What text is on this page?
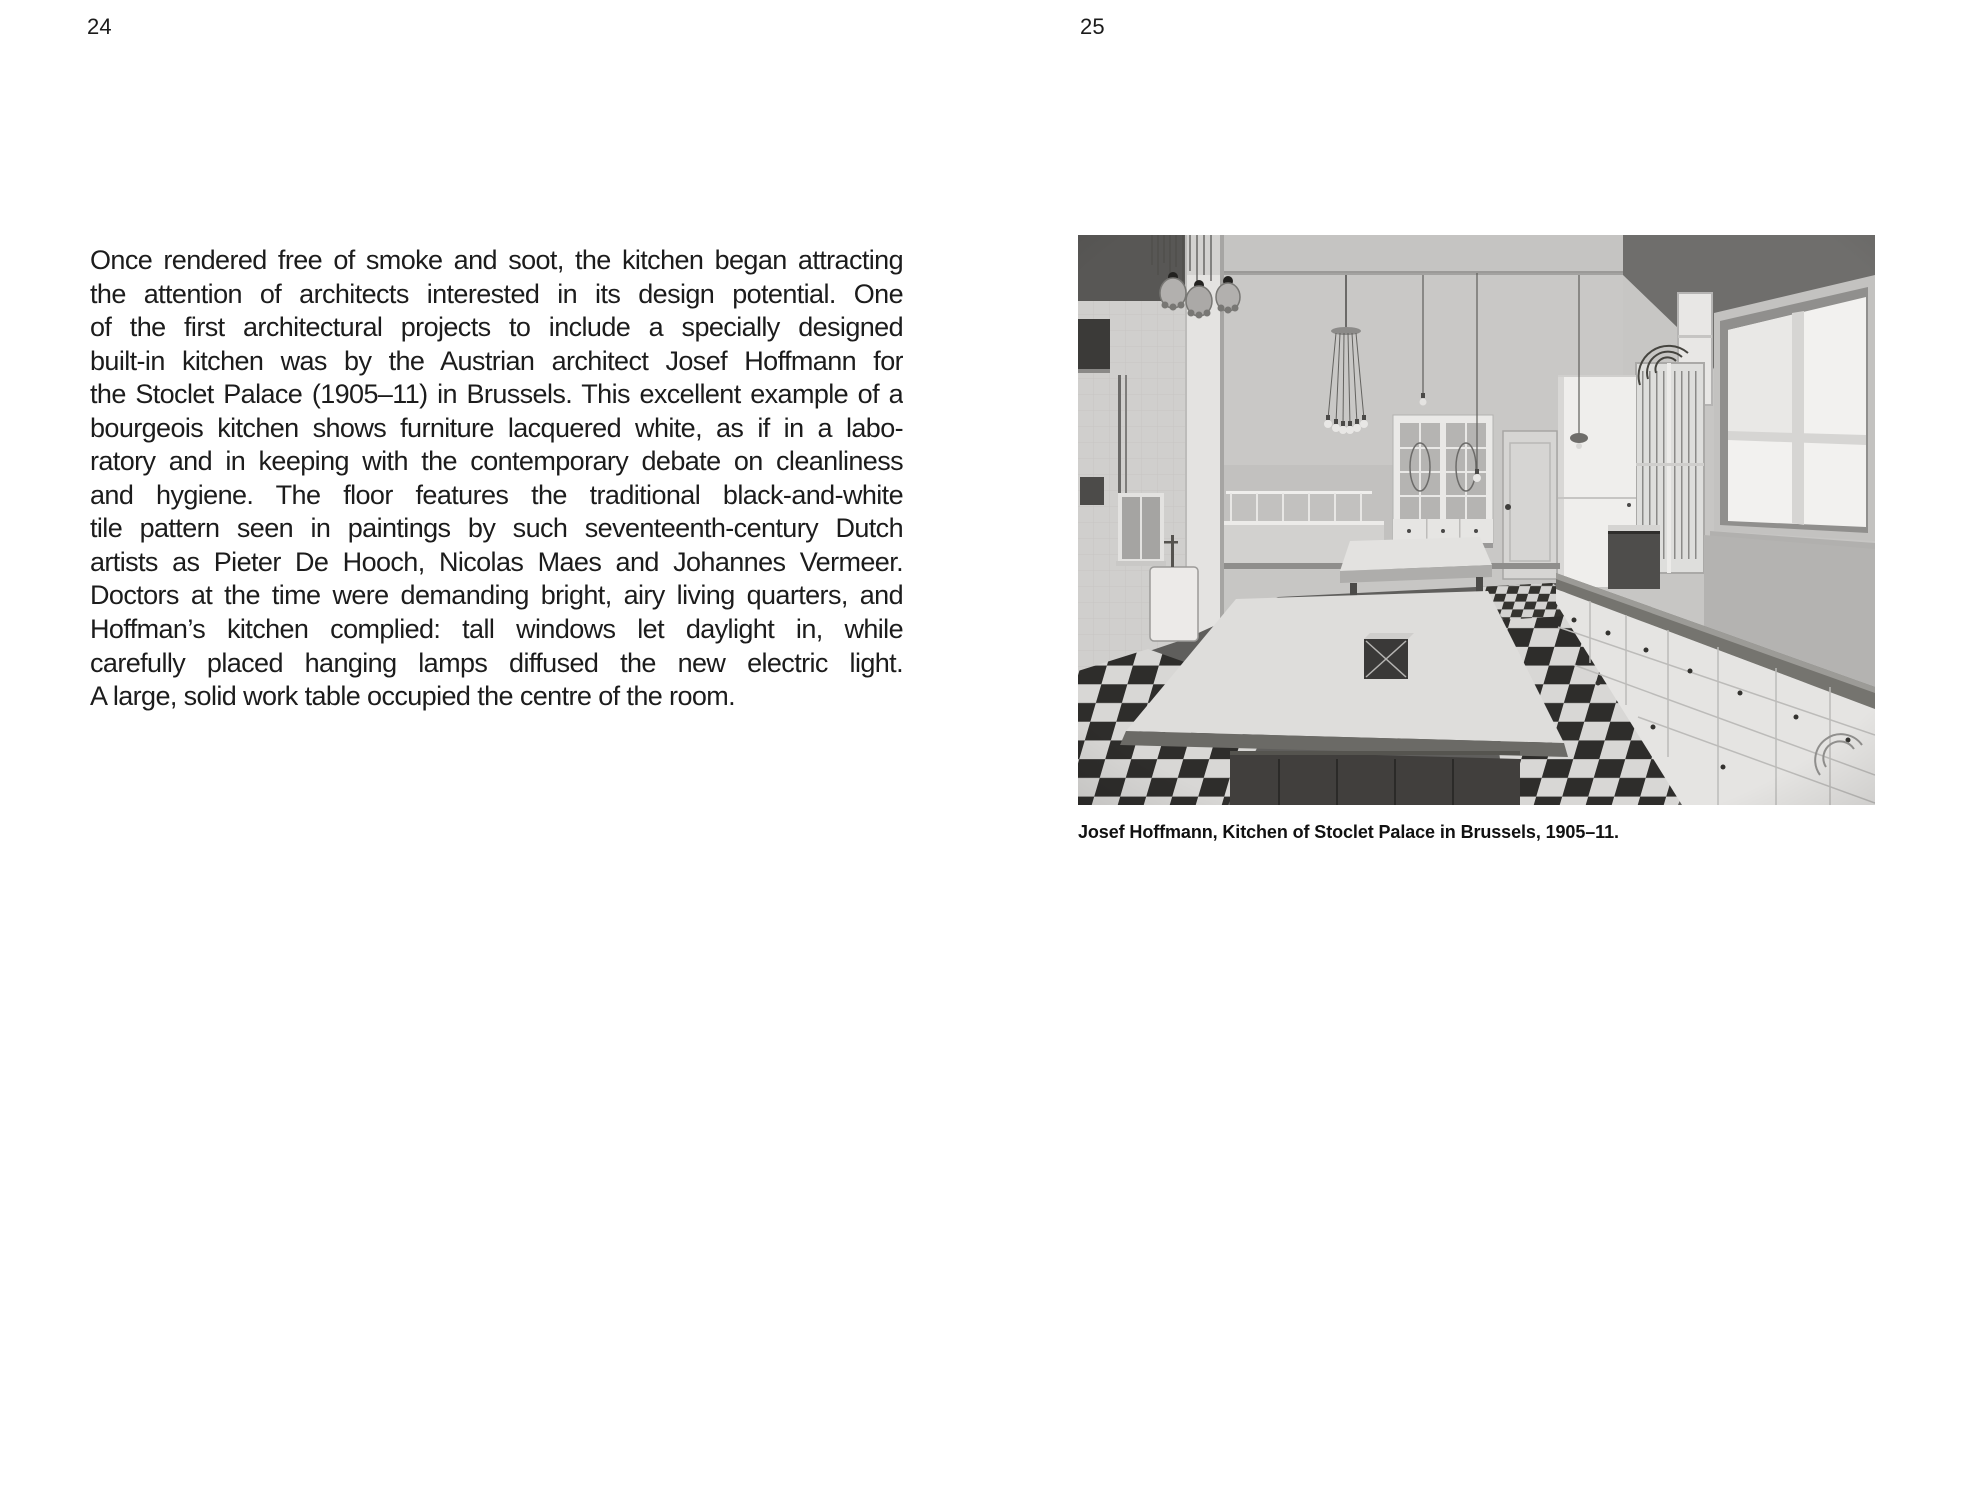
24	25
Once rendered free of smoke and soot, the kitchen began attracting
the attention of architects interested in its design potential. One
of the first architectural projects to include a specially designed
built-in kitchen was by the Austrian architect Josef Hoffmann for
the Stoclet Palace (1905–11) in Brussels. This excellent example of a
bourgeois kitchen shows furniture lacquered white, as if in a labo-
ratory and in keeping with the contemporary debate on cleanliness
and hygiene. The floor features the traditional black-and-white
tile pattern seen in paintings by such seventeenth-century Dutch
artists as Pieter De Hooch, Nicolas Maes and Johannes Vermeer.
Doctors at the time were demanding bright, airy living quarters, and
Hoffman’s kitchen complied: tall windows let daylight in, while
carefully placed hanging lamps diffused the new electric light.
A large, solid work table occupied the centre of the room.
Josef Hoffmann, Kitchen of Stoclet Palace in Brussels, 1905–11.
